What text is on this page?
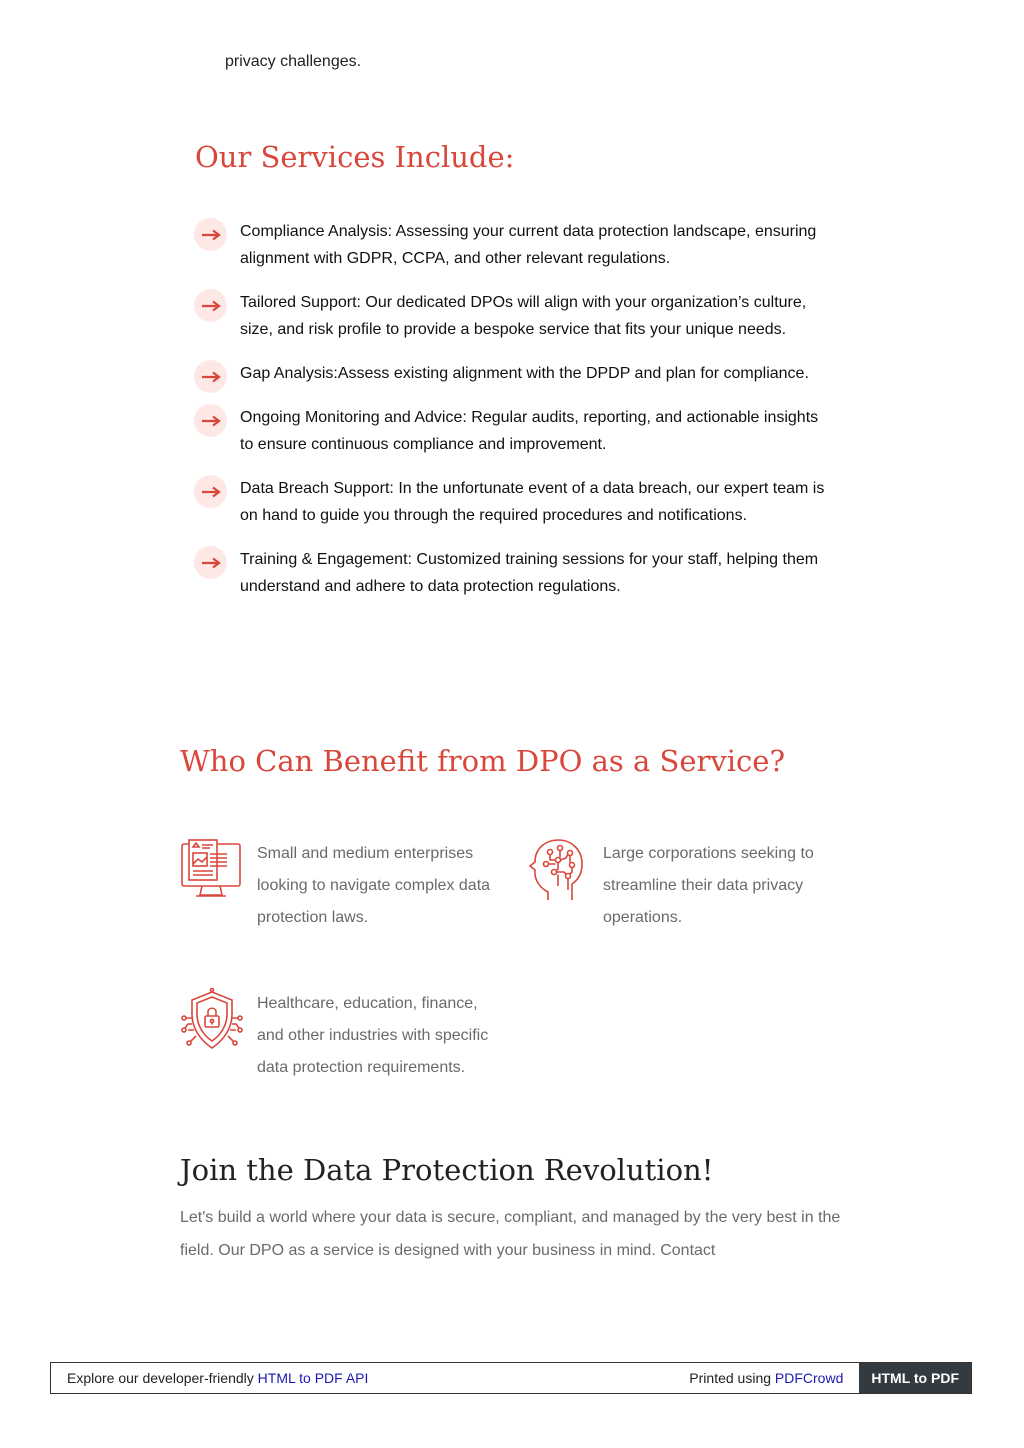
privacy challenges.
Our Services Include:
Compliance Analysis: Assessing your current data protection landscape, ensuring alignment with GDPR, CCPA, and other relevant regulations.
Tailored Support: Our dedicated DPOs will align with your organization’s culture, size, and risk profile to provide a bespoke service that fits your unique needs.
Gap Analysis:Assess existing alignment with the DPDP and plan for compliance.
Ongoing Monitoring and Advice: Regular audits, reporting, and actionable insights to ensure continuous compliance and improvement.
Data Breach Support: In the unfortunate event of a data breach, our expert team is on hand to guide you through the required procedures and notifications.
Training & Engagement: Customized training sessions for your staff, helping them understand and adhere to data protection regulations.
Who Can Benefit from DPO as a Service?
Small and medium enterprises looking to navigate complex data protection laws.
Large corporations seeking to streamline their data privacy operations.
Healthcare, education, finance, and other industries with specific data protection requirements.
Join the Data Protection Revolution!
Let's build a world where your data is secure, compliant, and managed by the very best in the field. Our DPO as a service is designed with your business in mind. Contact
Explore our developer-friendly HTML to PDF API	Printed using PDFCrowd	HTML to PDF
